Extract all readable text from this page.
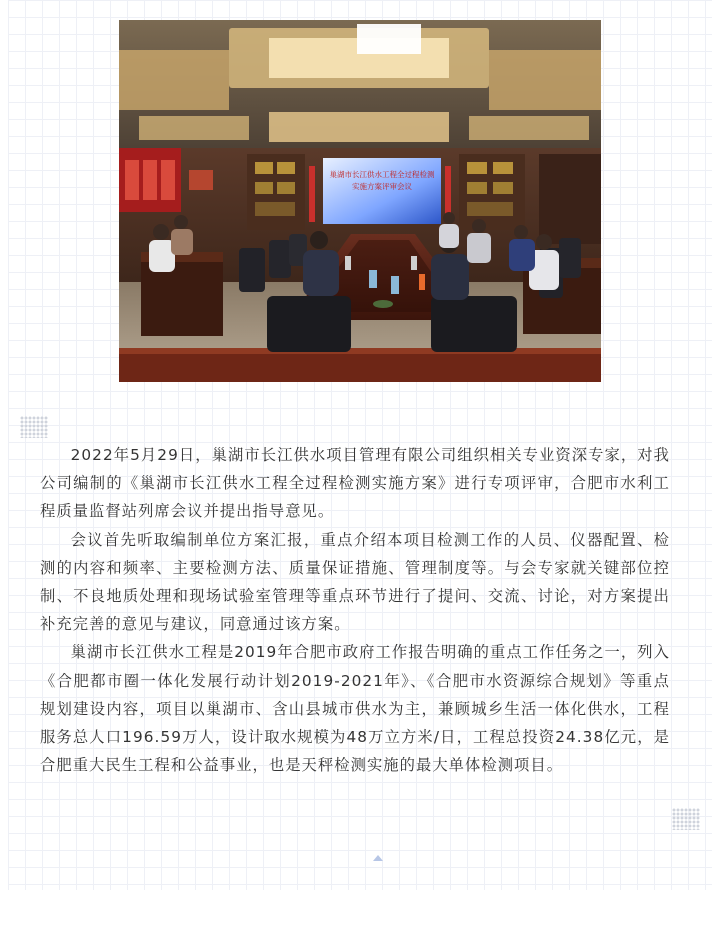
巢湖市长江供水工程全过程检测
实施方案评审会议

2022年5月29日，巢湖市长江供水项目管理有限公司组织相关专业资深专家，对我公司编制的《巢湖市长江供水工程全过程检测实施方案》进行专项评审，合肥市水利工程质量监督站列席会议并提出指导意见。

会议首先听取编制单位方案汇报，重点介绍本项目检测工作的人员、仪器配置、检测的内容和频率、主要检测方法、质量保证措施、管理制度等。与会专家就关键部位控制、不良地质处理和现场试验室管理等重点环节进行了提问、交流、讨论，对方案提出补充完善的意见与建议，同意通过该方案。

巢湖市长江供水工程是2019年合肥市政府工作报告明确的重点工作任务之一，列入《合肥都市圈一体化发展行动计划2019-2021年》、《合肥市水资源综合规划》等重点规划建设内容，项目以巢湖市、含山县城市供水为主，兼顾城乡生活一体化供水，工程服务总人口196.59万人，设计取水规模为48万立方米/日，工程总投资24.38亿元，是合肥重大民生工程和公益事业，也是天秤检测实施的最大单体检测项目。
